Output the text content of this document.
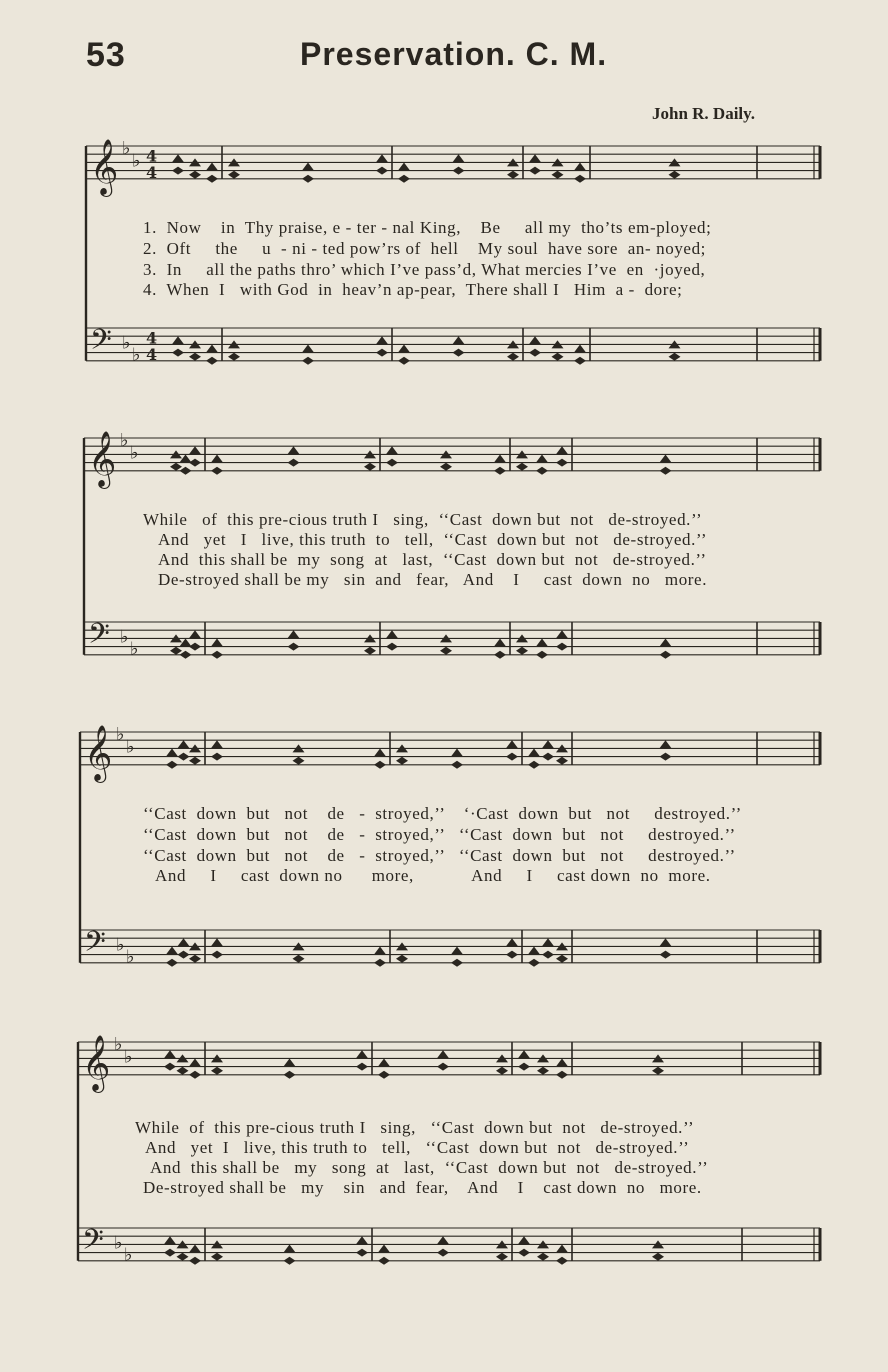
53	Preservation. C. M.
John R. Daily.
𝄞 ♭
♭
𝄢 ♭
♭
4
4
4
4
𝄞 ♭
♭
𝄢 ♭
♭
𝄞 ♭
♭
𝄢 ♭
♭
𝄞 ♭
♭
𝄢 ♭
♭
1.  Now    in  Thy praise, e - ter - nal King,    Be     all my  tho’ts em-ployed;
2.  Oft     the     u  - ni - ted pow’rs of  hell    My soul  have sore  an- noyed;
3.  In     all the paths thro’ which I’ve pass’d, What mercies I’ve  en  ·joyed,
4.  When  I   with God  in  heav’n ap-pear,  There shall I   Him  a -  dore;
While   of  this pre-cious truth I   sing,  ‘‘Cast  down but  not   de-stroyed.’’
And   yet   I   live, this truth  to   tell,  ‘‘Cast  down but  not   de-stroyed.’’
And  this shall be  my  song  at   last,  ‘‘Cast  down but  not   de-stroyed.’’
De-stroyed shall be my   sin  and   fear,   And    I     cast  down  no   more.
‘‘Cast  down  but   not    de   -  stroyed,’’    ‘·Cast  down  but   not     destroyed.’’
‘‘Cast  down  but   not    de   -  stroyed,’’   ‘‘Cast  down  but   not     destroyed.’’
‘‘Cast  down  but   not    de   -  stroyed,’’   ‘‘Cast  down  but   not     destroyed.’’
And     I     cast  down no      more,            And     I     cast down  no  more.
While  of  this pre-cious truth I   sing,   ‘‘Cast  down but  not   de-stroyed.’’
And   yet  I   live, this truth to   tell,   ‘‘Cast  down but  not   de-stroyed.’’
And  this shall be   my   song  at   last,  ‘‘Cast  down but  not   de-stroyed.’’
De-stroyed shall be   my    sin   and  fear,    And    I    cast down  no   more.
